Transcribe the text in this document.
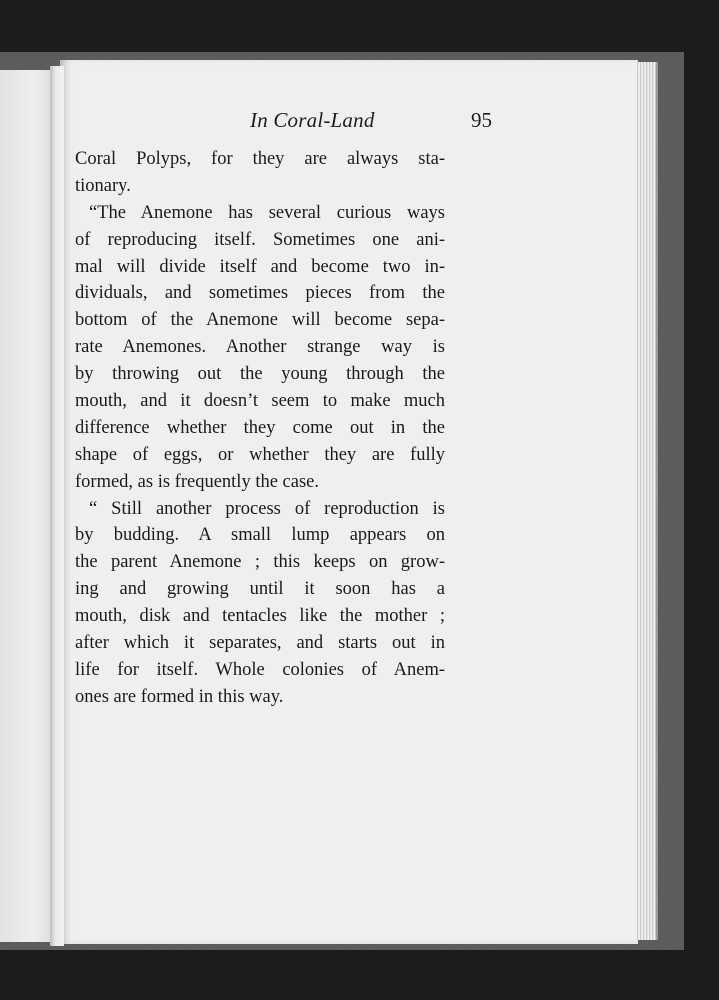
In Coral-Land	95
Coral Polyps, for they are always sta-
tionary.
“The Anemone has several curious ways
of reproducing itself. Sometimes one ani-
mal will divide itself and become two in-
dividuals, and sometimes pieces from the
bottom of the Anemone will become sepa-
rate Anemones. Another strange way is
by throwing out the young through the
mouth, and it doesn’t seem to make much
difference whether they come out in the
shape of eggs, or whether they are fully
formed, as is frequently the case.
“ Still another process of reproduction is
by budding. A small lump appears on
the parent Anemone ; this keeps on grow-
ing and growing until it soon has a
mouth, disk and tentacles like the mother ;
after which it separates, and starts out in
life for itself. Whole colonies of Anem-
ones are formed in this way.
